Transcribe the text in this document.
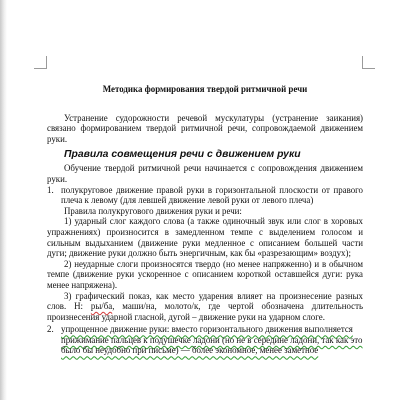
Методика формирования твердой ритмичной речи

Устранение судорожности речевой мускулатуры (устранение заикания) связано формированием твердой ритмичной речи, сопровождаемой движением руки.

Правила совмещения речи с движением руки

Обучение твердой ритмичной речи начинается с сопровождения движением руки.

1. полукруговое движение правой руки в горизонтальной плоскости от правого плеча к левому (для левшей движение левой руки от левого плеча)

Правила полукругового движения руки и речи:

1) ударный слог каждого слова (а также одиночный звук или слог в хоровых упражнениях) произносится в замедленном темпе с выделением голосом и сильным выдыханием (движение руки медленное с описанием большей части дуги; движение руки должно быть энергичным, как бы «разрезающим» воздух);

2) неударные слоги произносятся твердо (но менее напряженно) и в обычном темпе (движение руки ускоренное с описанием короткой оставшейся дуги: рука менее напряжена).

3) графический показ, как место ударения влияет на произнесение разных слов. Н: ры/ба, маши/на, молото/к, где чертой обозначена длительность произнесения ударной гласной, дугой – движение руки на ударном слоге.

2. упрощенное движение руки: вместо горизонтального движения выполняется
прижимание пальцев к подушечке ладони (но не в середине ладони, так как это
было бы неудобно при письме) — более экономное, менее заметное
